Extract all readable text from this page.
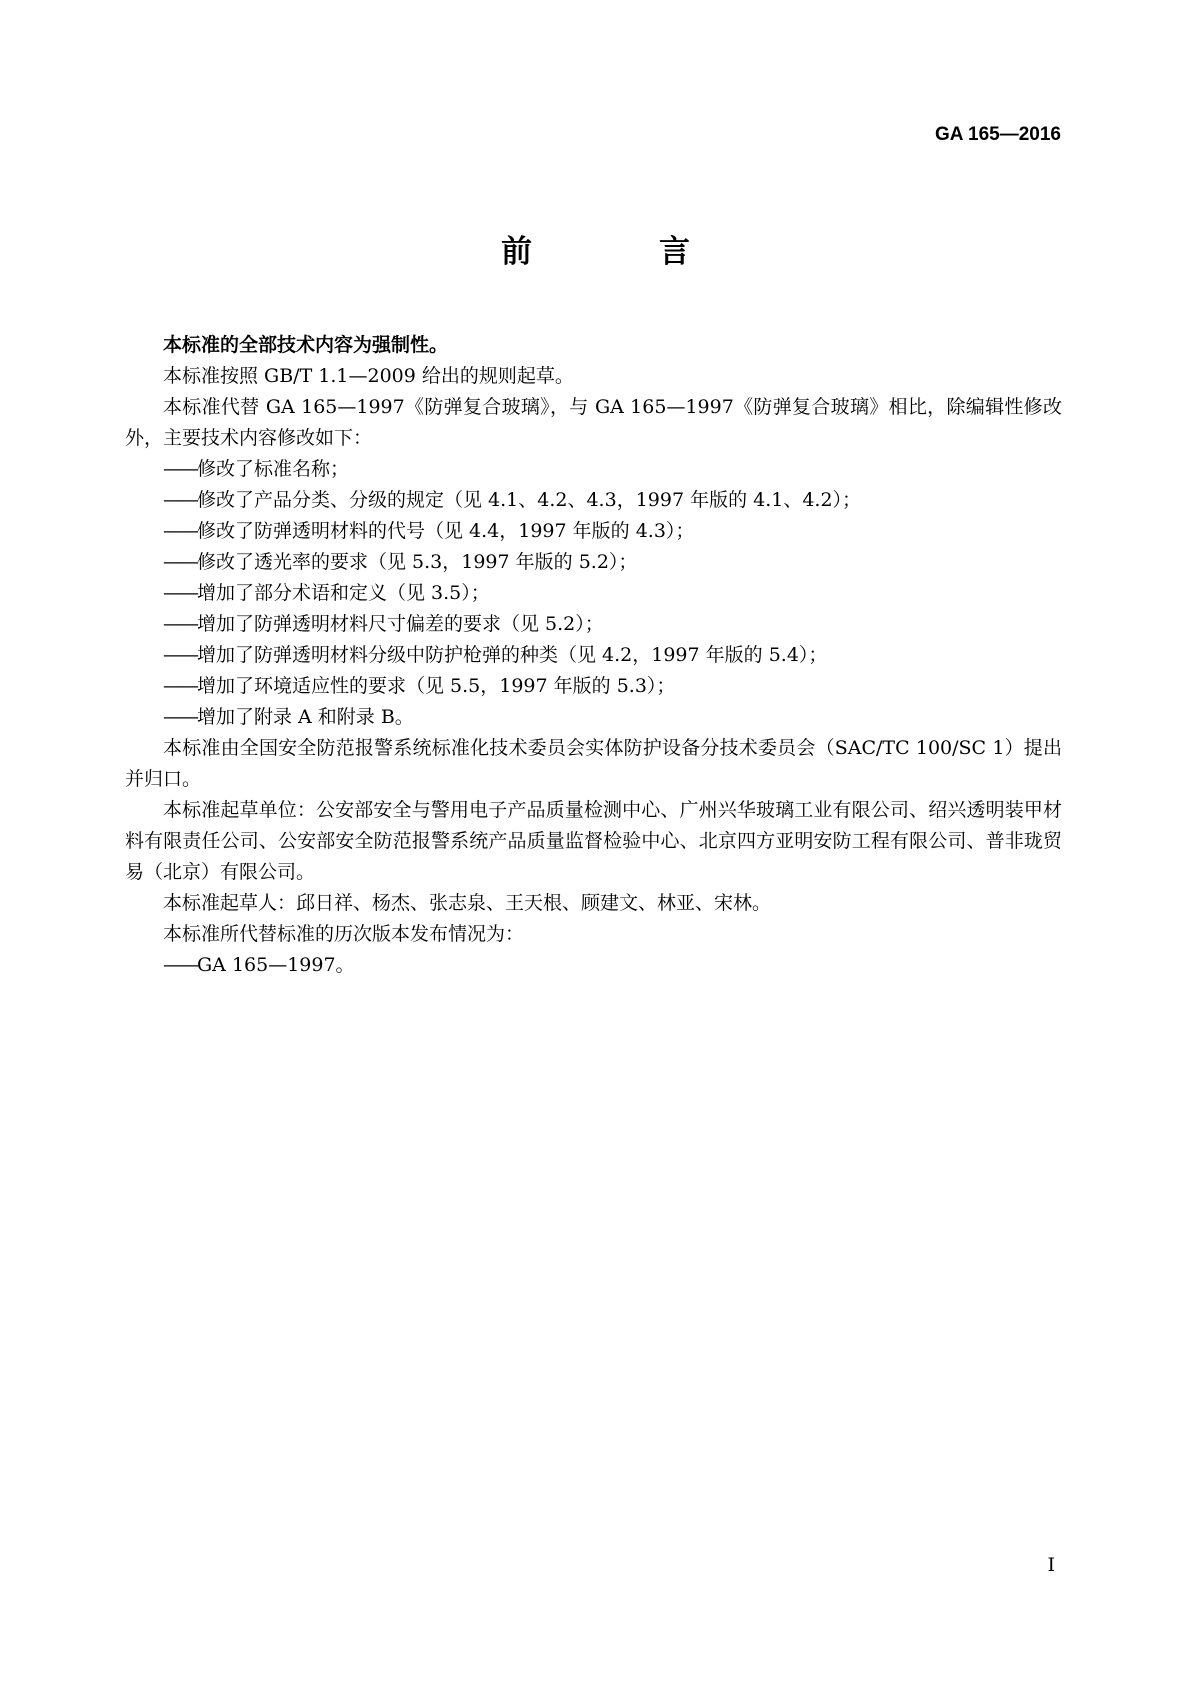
GA 165—2016
前　言

本标准的全部技术内容为强制性。

本标准按照 GB/T 1.1—2009 给出的规则起草。

本标准代替 GA 165—1997《防弹复合玻璃》，与 GA 165—1997《防弹复合玻璃》相比，除编辑性修改外，主要技术内容修改如下：

——修改了标准名称；
——修改了产品分类、分级的规定（见 4.1、4.2、4.3，1997 年版的 4.1、4.2）；
——修改了防弹透明材料的代号（见 4.4，1997 年版的 4.3）；
——修改了透光率的要求（见 5.3，1997 年版的 5.2）；
——增加了部分术语和定义（见 3.5）；
——增加了防弹透明材料尺寸偏差的要求（见 5.2）；
——增加了防弹透明材料分级中防护枪弹的种类（见 4.2，1997 年版的 5.4）；
——增加了环境适应性的要求（见 5.5，1997 年版的 5.3）；
——增加了附录 A 和附录 B。

本标准由全国安全防范报警系统标准化技术委员会实体防护设备分技术委员会（SAC/TC 100/SC 1）提出并归口。

本标准起草单位：公安部安全与警用电子产品质量检测中心、广州兴华玻璃工业有限公司、绍兴透明装甲材料有限责任公司、公安部安全防范报警系统产品质量监督检验中心、北京四方亚明安防工程有限公司、普非珑贸易（北京）有限公司。

本标准起草人：邱日祥、杨杰、张志泉、王天根、顾建文、林亚、宋林。

本标准所代替标准的历次版本发布情况为：

——GA 165—1997。
I
